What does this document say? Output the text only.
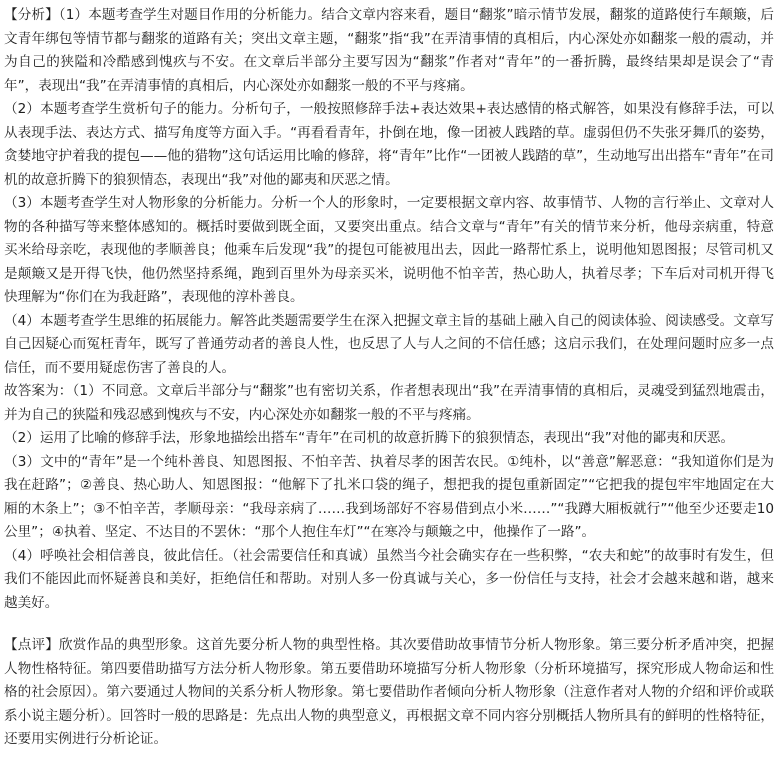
【分析】（1）本题考查学生对题目作用的分析能力。结合文章内容来看，题目“翻浆”暗示情节发展，翻浆的道路使行车颠簸，后文青年绑包等情节都与翻浆的道路有关；突出文章主题，“翻浆”指“我”在弄清事情的真相后，内心深处亦如翻浆一般的震动，并为自己的狭隘和冷酷感到愧疚与不安。在文章后半部分主要写因为“翻浆”作者对“青年”的一番折腾，最终结果却是误会了“青年”，表现出“我”在弄清事情的真相后，内心深处亦如翻浆一般的不平与疼痛。

（2）本题考查学生赏析句子的能力。分析句子，一般按照修辞手法+表达效果+表达感情的格式解答，如果没有修辞手法，可以从表现手法、表达方式、描写角度等方面入手。“再看看青年，扑倒在地，像一团被人践踏的草。虚弱但仍不失张牙舞爪的姿势，贪婪地守护着我的提包——他的猎物”这句话运用比喻的修辞，将“青年”比作“一团被人践踏的草”，生动地写出出搭车“青年”在司机的故意折腾下的狼狈情态，表现出“我”对他的鄙夷和厌恶之情。

（3）本题考查学生对人物形象的分析能力。分析一个人的形象时，一定要根据文章内容、故事情节、人物的言行举止、文章对人物的各种描写等来整体感知的。概括时要做到既全面，又要突出重点。结合文章与“青年”有关的情节来分析，他母亲病重，特意买米给母亲吃，表现他的孝顺善良；他乘车后发现“我”的提包可能被甩出去，因此一路帮忙系上，说明他知恩图报；尽管司机又是颠簸又是开得飞快，他仍然坚持系绳，跑到百里外为母亲买米，说明他不怕辛苦，热心助人，执着尽孝；下车后对司机开得飞快理解为“你们在为我赶路”，表现他的淳朴善良。

（4）本题考查学生思维的拓展能力。解答此类题需要学生在深入把握文章主旨的基础上融入自己的阅读体验、阅读感受。文章写自己因疑心而冤枉青年，既写了普通劳动者的善良人性，也反思了人与人之间的不信任感；这启示我们，在处理问题时应多一点信任，而不要用疑虑伤害了善良的人。

故答案为：（1）不同意。文章后半部分与“翻浆”也有密切关系，作者想表现出“我”在弄清事情的真相后，灵魂受到猛烈地震击，并为自己的狭隘和残忍感到愧疚与不安，内心深处亦如翻浆一般的不平与疼痛。

（2）运用了比喻的修辞手法，形象地描绘出搭车“青年”在司机的故意折腾下的狼狈情态，表现出“我”对他的鄙夷和厌恶。

（3）文中的“青年”是一个纯朴善良、知恩图报、不怕辛苦、执着尽孝的困苦农民。①纯朴，以“善意”解恶意：“我知道你们是为我在赶路”；②善良、热心助人、知恩图报：“他解下了扎米口袋的绳子，想把我的提包重新固定”“它把我的提包牢牢地固定在大厢的木条上”；③不怕辛苦，孝顺母亲：“我母亲病了……我到场部好不容易借到点小米……”“我蹲大厢板就行”“他至少还要走10公里”；④执着、坚定、不达目的不罢休：“那个人抱住车灯”“在寒冷与颠簸之中，他操作了一路”。

（4）呼唤社会相信善良，彼此信任。（社会需要信任和真诚）虽然当今社会确实存在一些积弊，“农夫和蛇”的故事时有发生，但我们不能因此而怀疑善良和美好，拒绝信任和帮助。对别人多一份真诚与关心，多一份信任与支持，社会才会越来越和谐，越来越美好。

【点评】欣赏作品的典型形象。这首先要分析人物的典型性格。其次要借助故事情节分析人物形象。第三要分析矛盾冲突，把握人物性格特征。第四要借助描写方法分析人物形象。第五要借助环境描写分析人物形象（分析环境描写，探究形成人物命运和性格的社会原因）。第六要通过人物间的关系分析人物形象。第七要借助作者倾向分析人物形象（注意作者对人物的介绍和评价或联系小说主题分析）。回答时一般的思路是：先点出人物的典型意义，再根据文章不同内容分别概括人物所具有的鲜明的性格特征，还要用实例进行分析论证。
